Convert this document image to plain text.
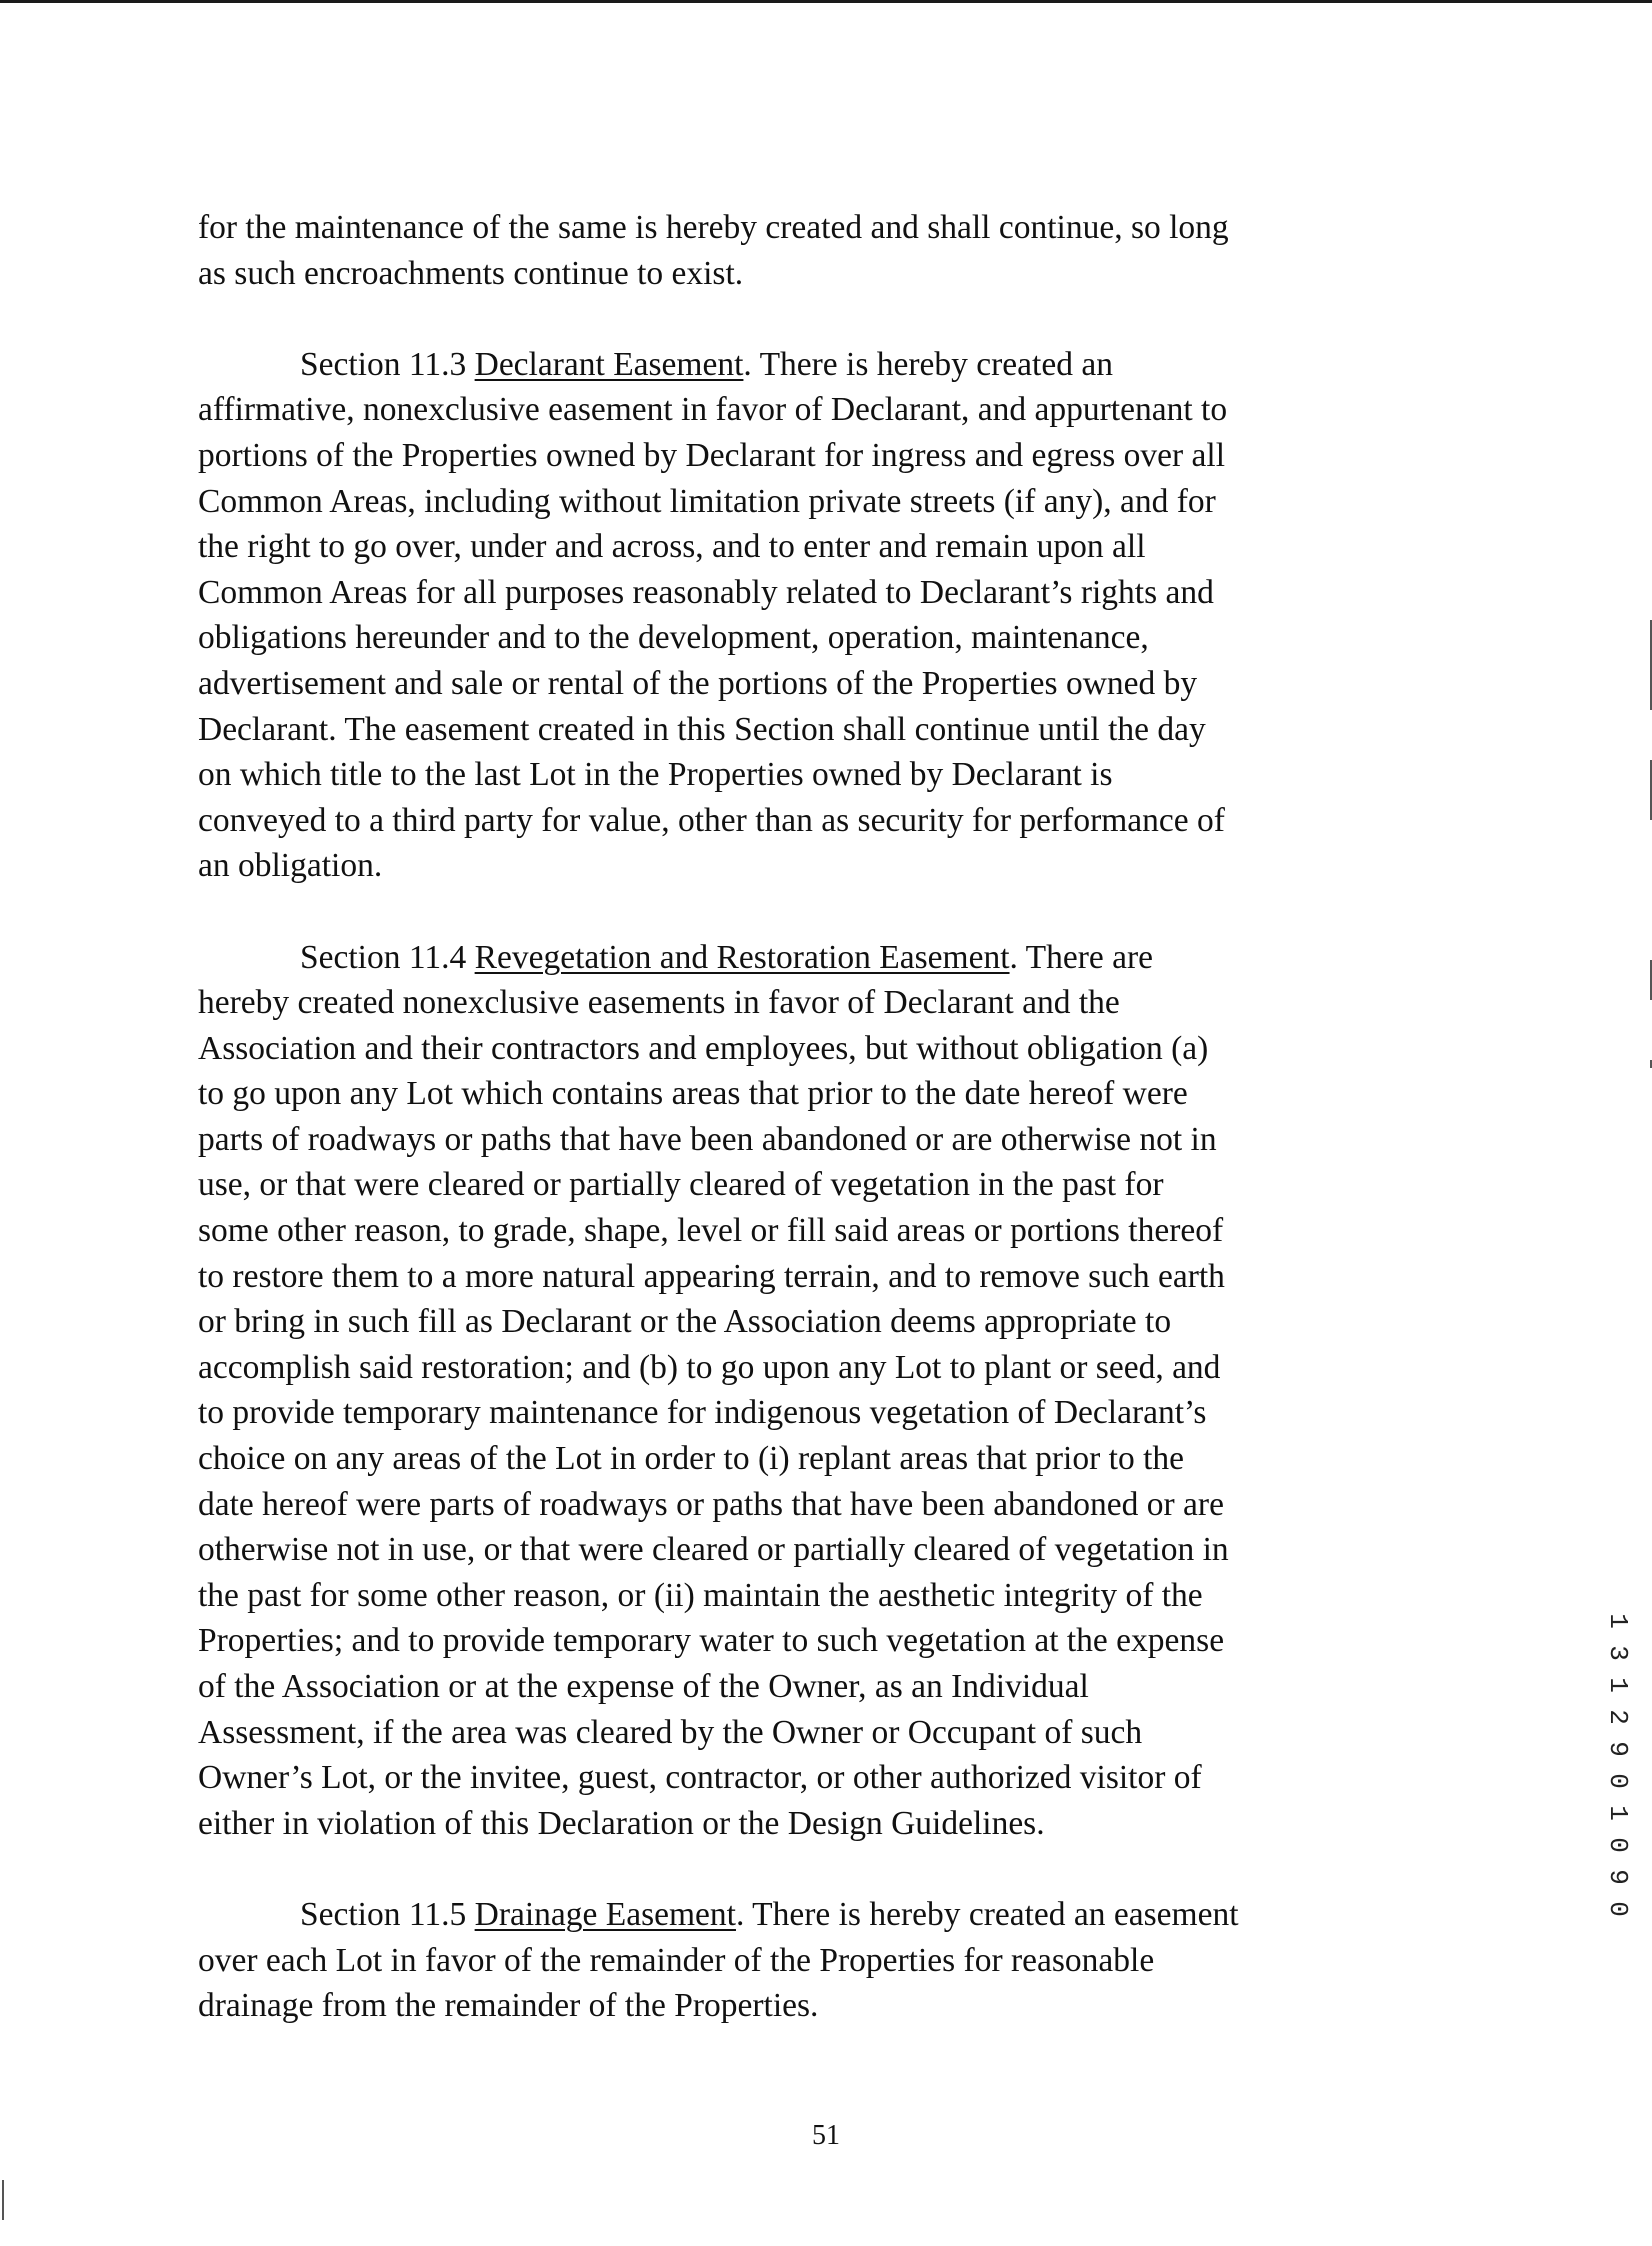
for the maintenance of the same is hereby created and shall continue, so long
as such encroachments continue to exist.
Section 11.3 Declarant Easement. There is hereby created an
affirmative, nonexclusive easement in favor of Declarant, and appurtenant to
portions of the Properties owned by Declarant for ingress and egress over all
Common Areas, including without limitation private streets (if any), and for
the right to go over, under and across, and to enter and remain upon all
Common Areas for all purposes reasonably related to Declarant’s rights and
obligations hereunder and to the development, operation, maintenance,
advertisement and sale or rental of the portions of the Properties owned by
Declarant. The easement created in this Section shall continue until the day
on which title to the last Lot in the Properties owned by Declarant is
conveyed to a third party for value, other than as security for performance of
an obligation.
Section 11.4 Revegetation and Restoration Easement. There are
hereby created nonexclusive easements in favor of Declarant and the
Association and their contractors and employees, but without obligation (a)
to go upon any Lot which contains areas that prior to the date hereof were
parts of roadways or paths that have been abandoned or are otherwise not in
use, or that were cleared or partially cleared of vegetation in the past for
some other reason, to grade, shape, level or fill said areas or portions thereof
to restore them to a more natural appearing terrain, and to remove such earth
or bring in such fill as Declarant or the Association deems appropriate to
accomplish said restoration; and (b) to go upon any Lot to plant or seed, and
to provide temporary maintenance for indigenous vegetation of Declarant’s
choice on any areas of the Lot in order to (i) replant areas that prior to the
date hereof were parts of roadways or paths that have been abandoned or are
otherwise not in use, or that were cleared or partially cleared of vegetation in
the past for some other reason, or (ii) maintain the aesthetic integrity of the
Properties; and to provide temporary water to such vegetation at the expense
of the Association or at the expense of the Owner, as an Individual
Assessment, if the area was cleared by the Owner or Occupant of such
Owner’s Lot, or the invitee, guest, contractor, or other authorized visitor of
either in violation of this Declaration or the Design Guidelines.
Section 11.5 Drainage Easement. There is hereby created an easement
over each Lot in favor of the remainder of the Properties for reasonable
drainage from the remainder of the Properties.
1
3
1
2
9
0
1
0
9
0
51
